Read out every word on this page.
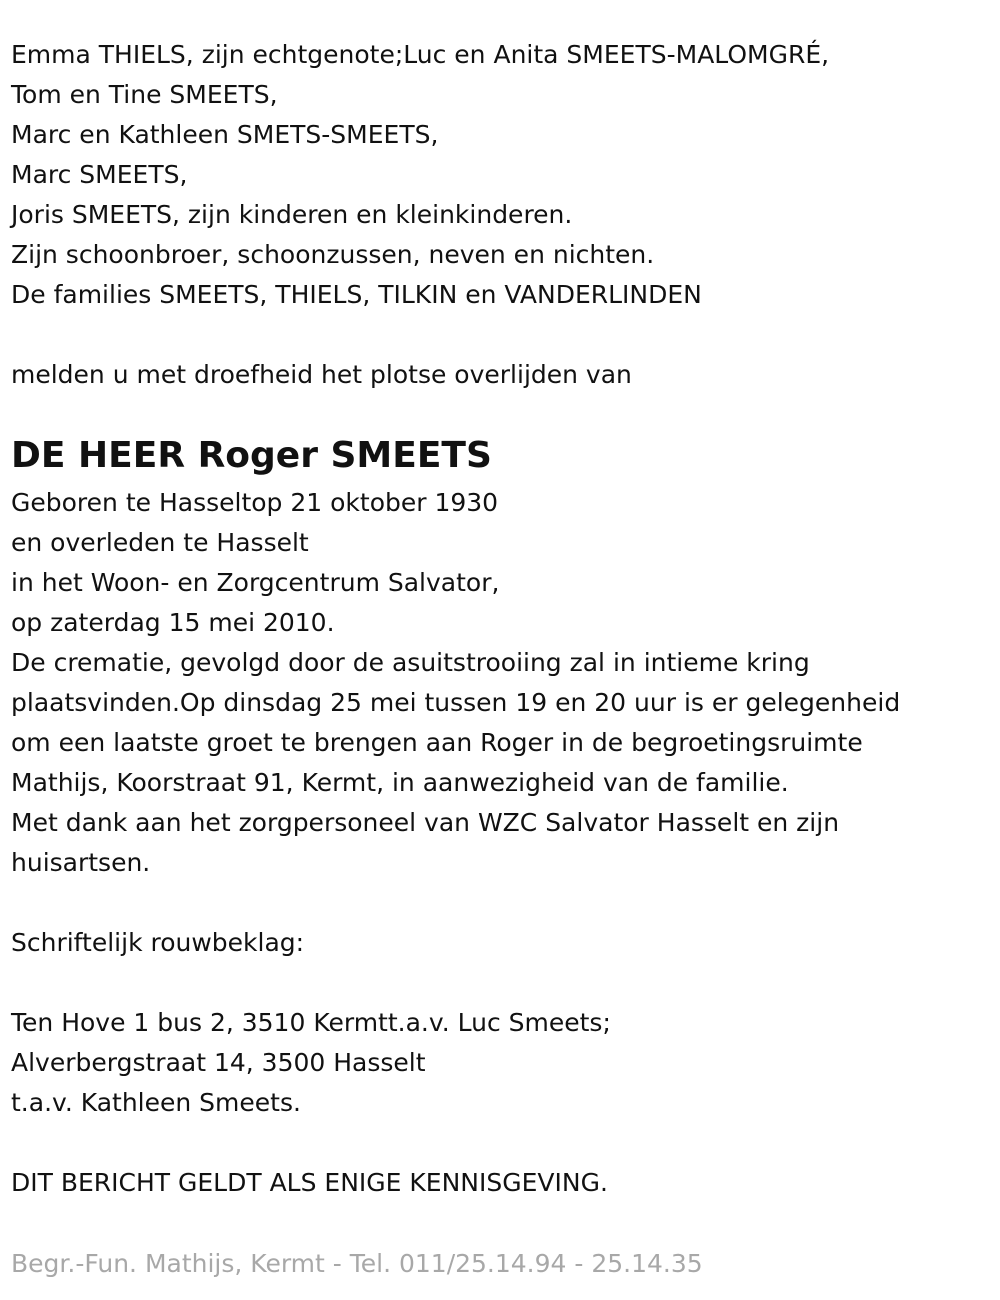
Emma THIELS, zijn echtgenote;Luc en Anita SMEETS-MALOMGRÉ,
Tom en Tine SMEETS,
Marc en Kathleen SMETS-SMEETS,
Marc SMEETS,
Joris SMEETS, zijn kinderen en kleinkinderen.
Zijn schoonbroer, schoonzussen, neven en nichten.
De families SMEETS, THIELS, TILKIN en VANDERLINDEN
melden u met droefheid het plotse overlijden van
DE HEER Roger SMEETS
Geboren te Hasseltop 21 oktober 1930
en overleden te Hasselt
in het Woon- en Zorgcentrum Salvator,
op zaterdag 15 mei 2010.
De crematie, gevolgd door de asuitstrooiing zal in intieme kring
plaatsvinden.Op dinsdag 25 mei tussen 19 en 20 uur is er gelegenheid
om een laatste groet te brengen aan Roger in de begroetingsruimte
Mathijs, Koorstraat 91, Kermt, in aanwezigheid van de familie.
Met dank aan het zorgpersoneel van WZC Salvator Hasselt en zijn
huisartsen.
Schriftelijk rouwbeklag:
Ten Hove 1 bus 2, 3510 Kermtt.a.v. Luc Smeets;
Alverbergstraat 14, 3500 Hasselt
t.a.v. Kathleen Smeets.
DIT BERICHT GELDT ALS ENIGE KENNISGEVING.
Begr.-Fun. Mathijs, Kermt - Tel. 011/25.14.94 - 25.14.35
